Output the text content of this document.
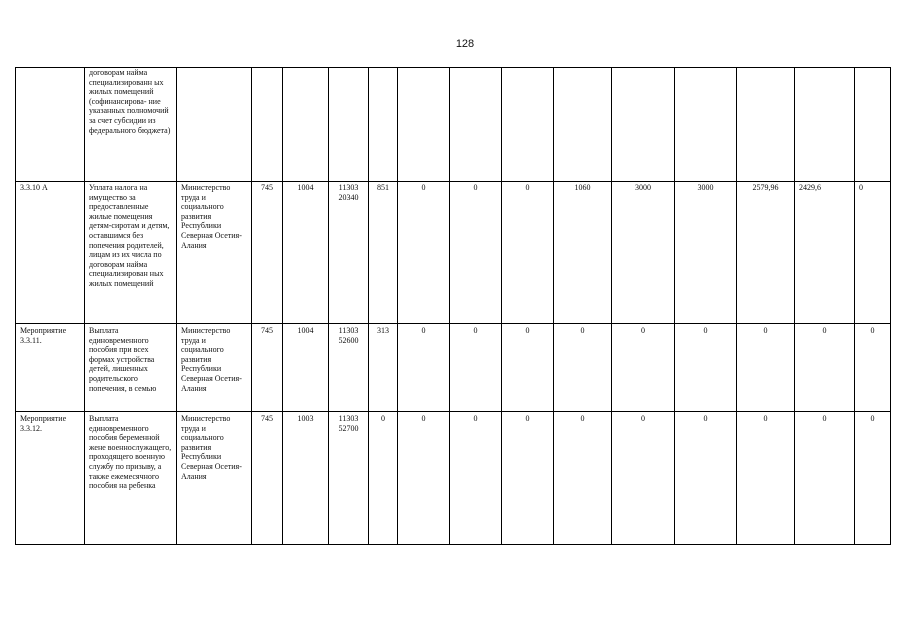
128
	договорам найма специализированн ых жилых помещений (софинансирова- ние указанных полномочий за счет субсидии из федерального бюджета)														
3.3.10 А	Уплата налога на имущество за предоставленные жилые помещения детям-сиротам и детям, оставшимся без попечения родителей, лицам из их числа по договорам найма специализирован ных жилых помещений	Министерство труда и социального развития Республики Северная Осетия-Алания	745	1004	11303 20340	851	0	0	0	1060	3000	3000	2579,96	2429,6	0
Мероприятие 3.3.11.	Выплата единовременного пособия при всех формах устройства детей, лишенных родительского попечения, в семью	Министерство труда и социального развития Республики Северная Осетия-Алания	745	1004	11303 52600	313	0	0	0	0	0	0	0	0	0
Мероприятие 3.3.12.	Выплата единовременного пособия беременной жене военнослужащего, проходящего военную службу по призыву, а также ежемесячного пособия на ребенка	Министерство труда и социального развития Республики Северная Осетия-Алания	745	1003	11303 52700	0	0	0	0	0	0	0	0	0	0
